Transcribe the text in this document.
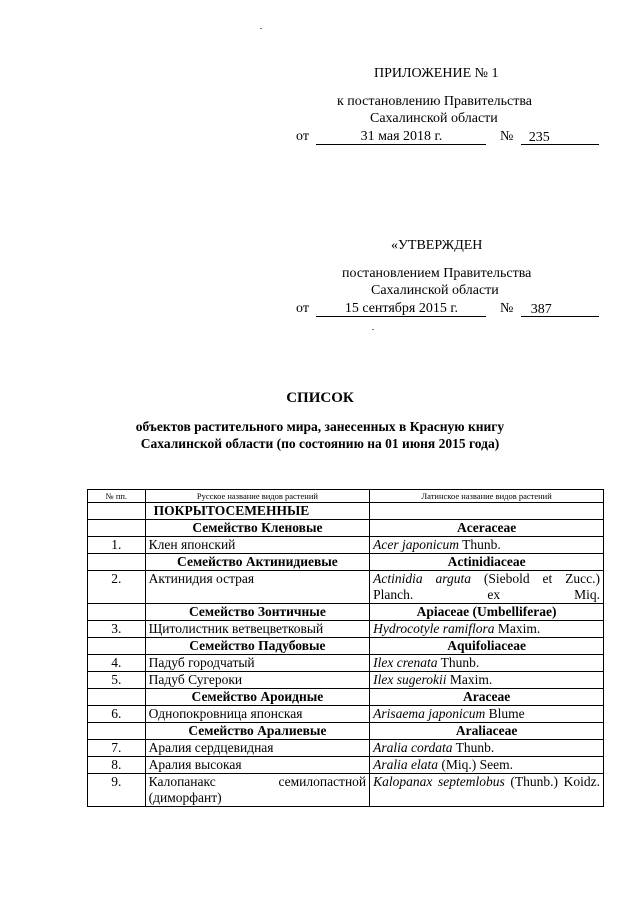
ПРИЛОЖЕНИЕ № 1
к постановлению Правительства
Сахалинской области
от	31 мая 2018 г.	№ 235
«УТВЕРЖДЕН
постановлением Правительства
Сахалинской области
от	15 сентября 2015 г.	№ 387
СПИСОК
объектов растительного мира, занесенных в Красную книгу
Сахалинской области (по состоянию на 01 июня 2015 года)
№ пп.	Русское название видов растений	Латинское название видов растений
	ПОКРЫТОСЕМЕННЫЕ	
	Семейство Кленовые	Aceraceae
1.	Клен японский	Acer japonicum Thunb.
	Семейство Актинидиевые	Actinidiaceae
2.	Актинидия острая	Actinidia arguta (Siebold et Zucc.) Planch. ex Miq.
	Семейство Зонтичные	Apiaceae (Umbelliferae)
3.	Щитолистник ветвецветковый	Hydrocotyle ramiflora Maxim.
	Семейство Падубовые	Aquifoliaceae
4.	Падуб городчатый	Ilex crenata Thunb.
5.	Падуб Сугероки	Ilex sugerokii Maxim.
	Семейство Ароидные	Araceae
6.	Однопокровница японская	Arisaema japonicum Blume
	Семейство Аралиевые	Araliaceae
7.	Аралия сердцевидная	Aralia cordata Thunb.
8.	Аралия высокая	Aralia elata (Miq.) Seem.
9.	Калопанакс семилопастной (диморфант)	Kalopanax septemlobus (Thunb.) Koidz.
